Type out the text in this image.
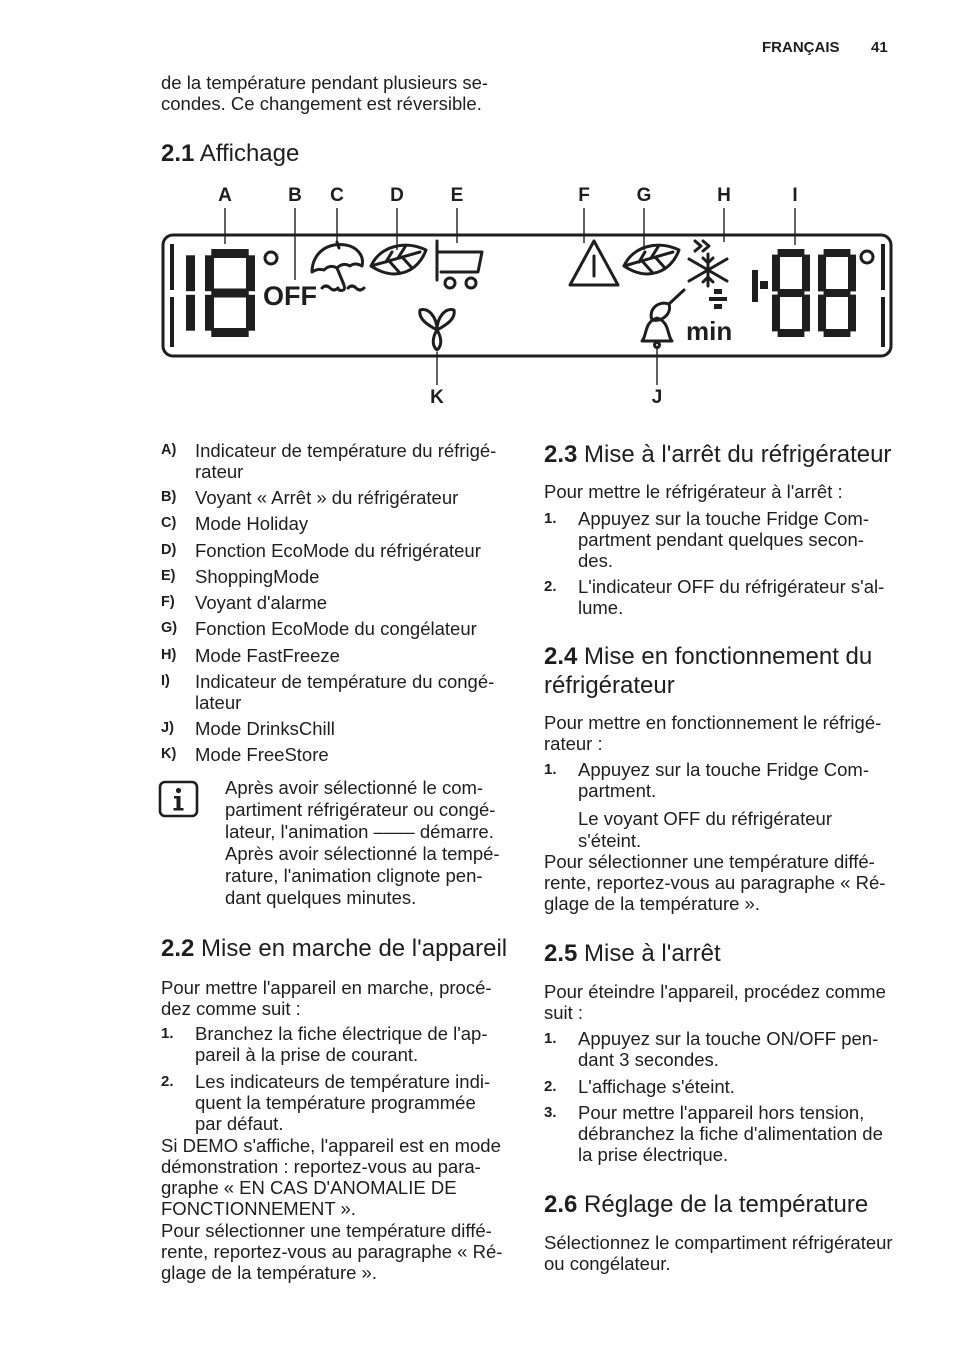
FRANÇAIS 41
de la température pendant plusieurs se-
condes. Ce changement est réversible.
2.1 Affichage
A	B C D E	F G	H	I
K	J
OFF
min
A) Indicateur de température du réfrigé-
rateur
B) Voyant « Arrêt » du réfrigérateur
C) Mode Holiday
D) Fonction EcoMode du réfrigérateur
E) ShoppingMode
F) Voyant d'alarme
G) Fonction EcoMode du congélateur
H) Mode FastFreeze
I) Indicateur de température du congé-
lateur
J) Mode DrinksChill
K) Mode FreeStore
Après avoir sélectionné le com-
partiment réfrigérateur ou congé-
lateur, l'animation –––– démarre.
Après avoir sélectionné la tempé-
rature, l'animation clignote pen-
dant quelques minutes.
2.2 Mise en marche de l'appareil
Pour mettre l'appareil en marche, procé-
dez comme suit :
1. Branchez la fiche électrique de l'ap-
pareil à la prise de courant.
2. Les indicateurs de température indi-
quent la température programmée
par défaut.
Si DEMO s'affiche, l'appareil est en mode
démonstration : reportez-vous au para-
graphe « EN CAS D'ANOMALIE DE
FONCTIONNEMENT ».
Pour sélectionner une température diffé-
rente, reportez-vous au paragraphe « Ré-
glage de la température ».
2.3 Mise à l'arrêt du réfrigérateur
Pour mettre le réfrigérateur à l'arrêt :
1. Appuyez sur la touche Fridge Com-
partment pendant quelques secon-
des.
2. L'indicateur OFF du réfrigérateur s'al-
lume.
2.4 Mise en fonctionnement du
réfrigérateur
Pour mettre en fonctionnement le réfrigé-
rateur :
1. Appuyez sur la touche Fridge Com-
partment.
Le voyant OFF du réfrigérateur
s'éteint.
Pour sélectionner une température diffé-
rente, reportez-vous au paragraphe « Ré-
glage de la température ».
2.5 Mise à l'arrêt
Pour éteindre l'appareil, procédez comme
suit :
1. Appuyez sur la touche ON/OFF pen-
dant 3 secondes.
2. L'affichage s'éteint.
3. Pour mettre l'appareil hors tension,
débranchez la fiche d'alimentation de
la prise électrique.
2.6 Réglage de la température
Sélectionnez le compartiment réfrigérateur
ou congélateur.
